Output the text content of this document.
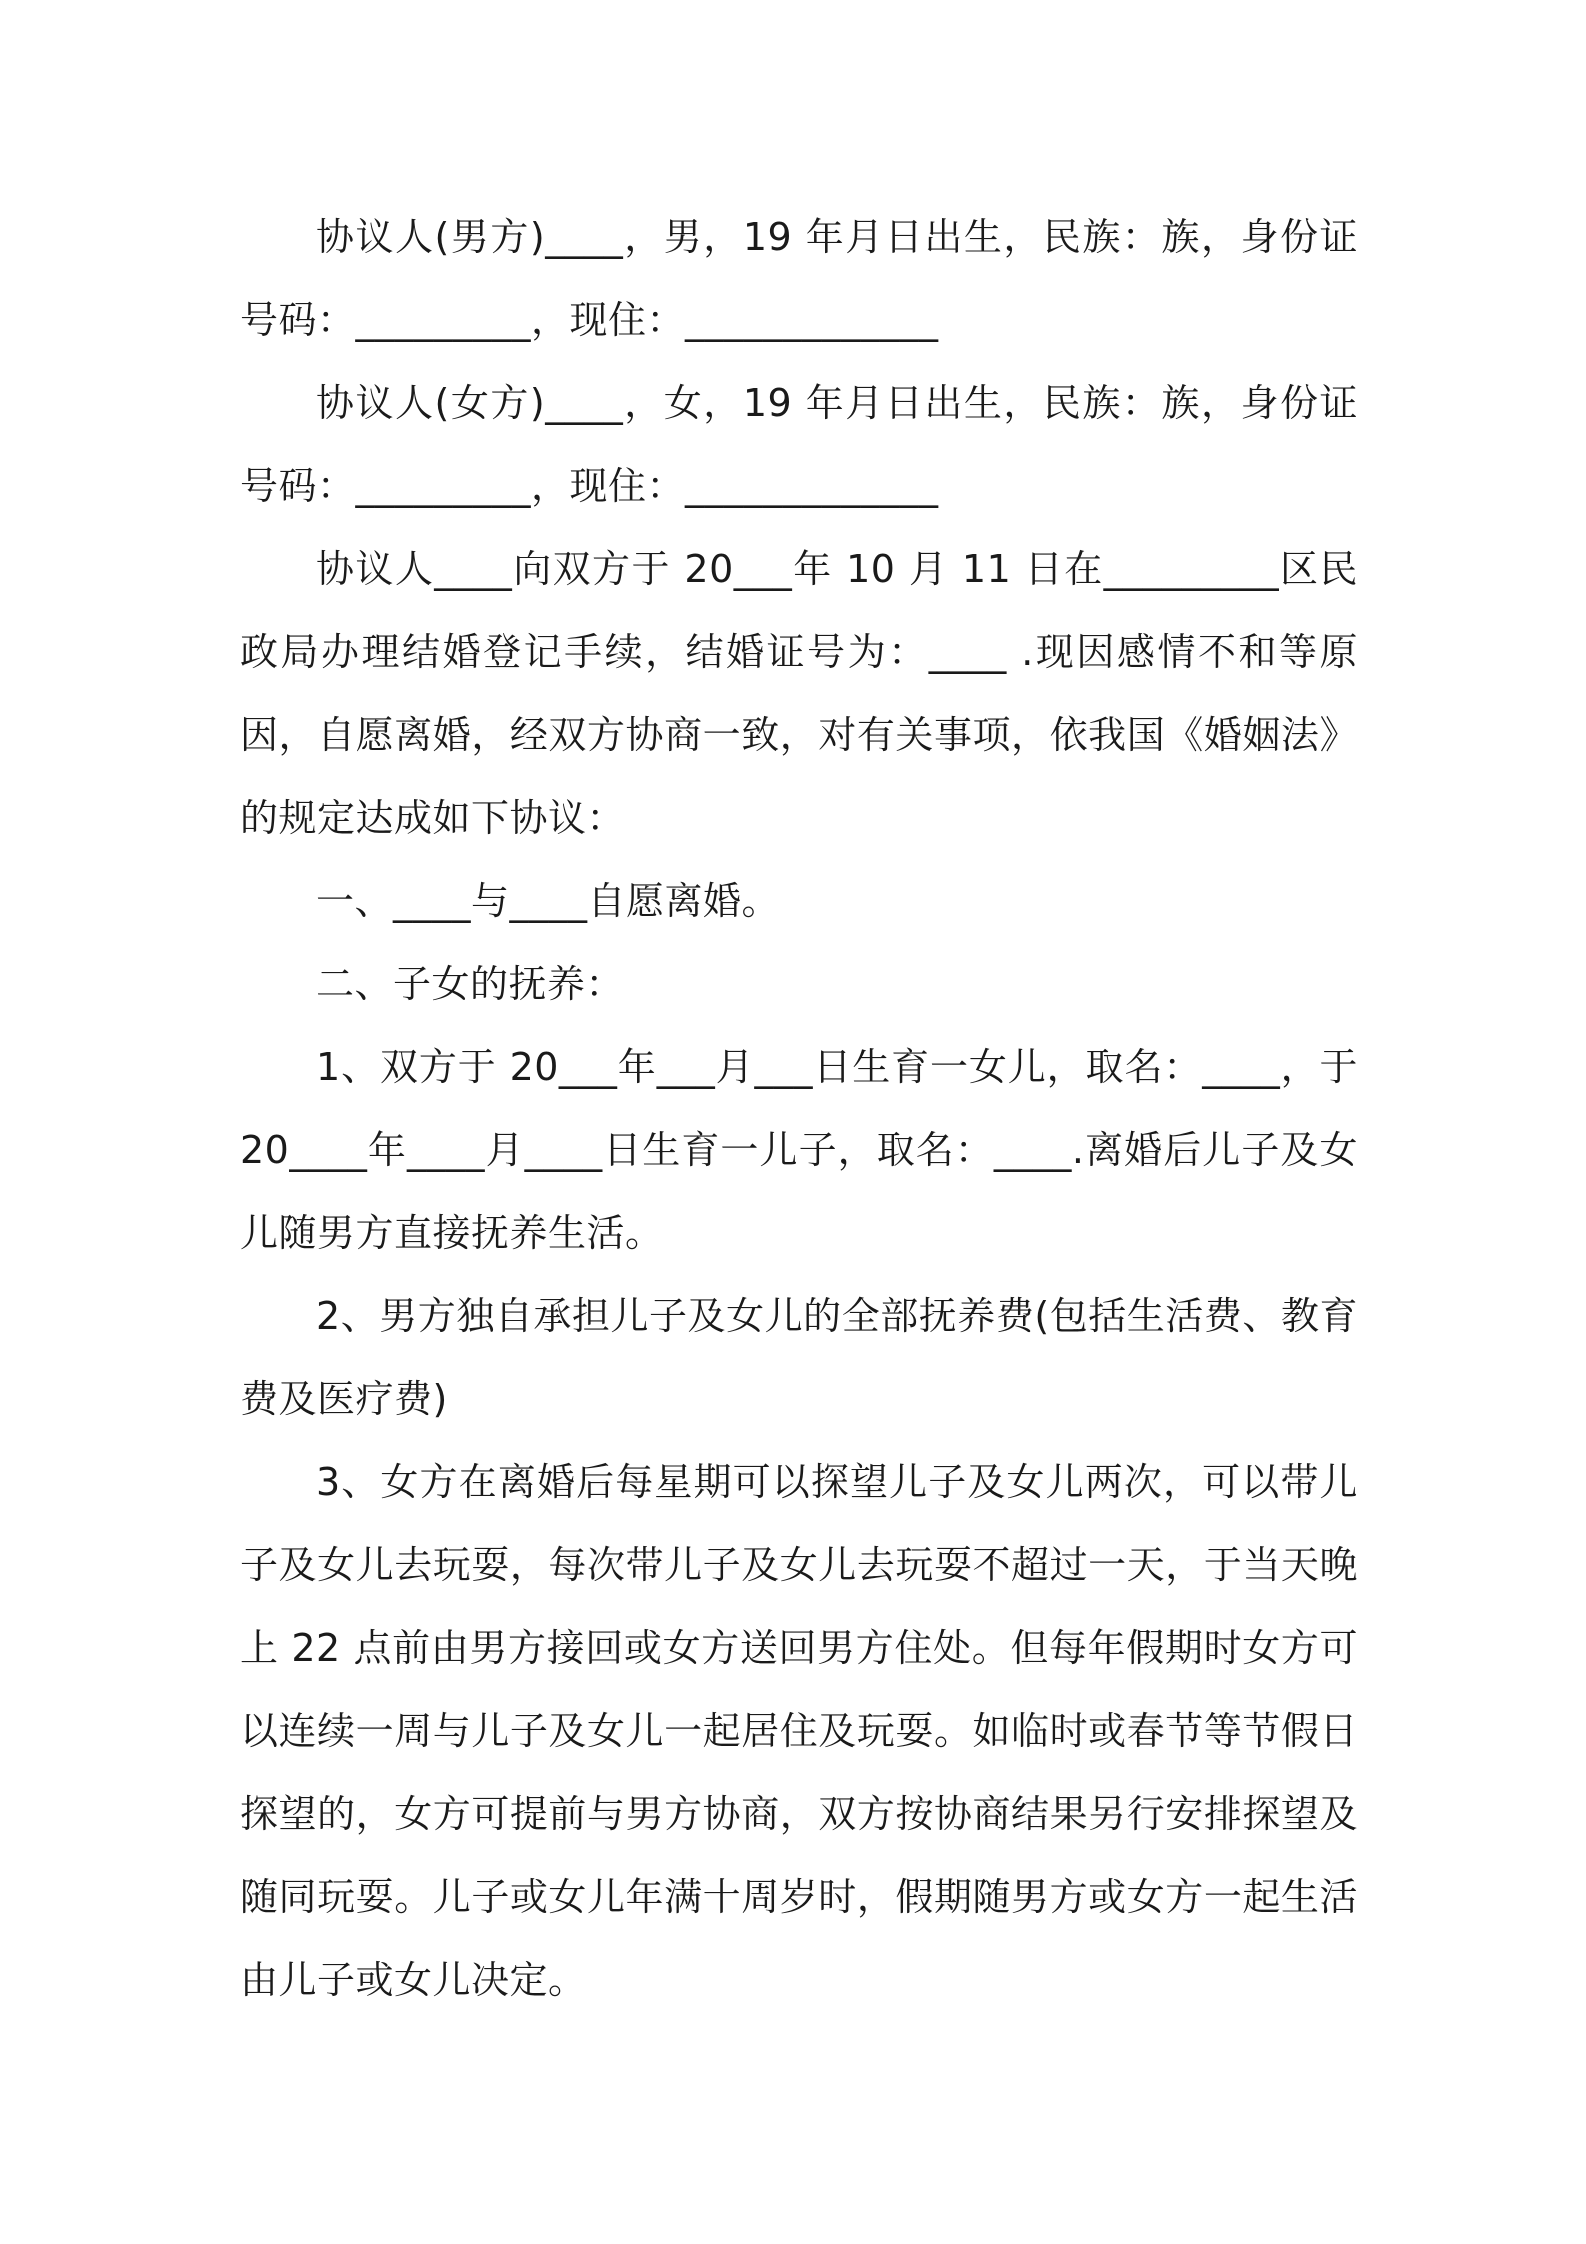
协议人(男方)____，男，19 年月日出生，民族：族，身份证号码：_________，现住：_____________

协议人(女方)____，女，19 年月日出生，民族：族，身份证号码：_________，现住：_____________

协议人____向双方于 20___年 10 月 11 日在_________区民政局办理结婚登记手续，结婚证号为：____ .现因感情不和等原因，自愿离婚，经双方协商一致，对有关事项，依我国《婚姻法》的规定达成如下协议：

一、____与____自愿离婚。

二、子女的抚养：

1、双方于 20___年___月___日生育一女儿，取名：____，于 20____年____月____日生育一儿子，取名：____.离婚后儿子及女儿随男方直接抚养生活。

2、男方独自承担儿子及女儿的全部抚养费(包括生活费、教育费及医疗费)

3、女方在离婚后每星期可以探望儿子及女儿两次，可以带儿子及女儿去玩耍，每次带儿子及女儿去玩耍不超过一天，于当天晚上 22 点前由男方接回或女方送回男方住处。但每年假期时女方可以连续一周与儿子及女儿一起居住及玩耍。如临时或春节等节假日探望的，女方可提前与男方协商，双方按协商结果另行安排探望及随同玩耍。儿子或女儿年满十周岁时，假期随男方或女方一起生活由儿子或女儿决定。
